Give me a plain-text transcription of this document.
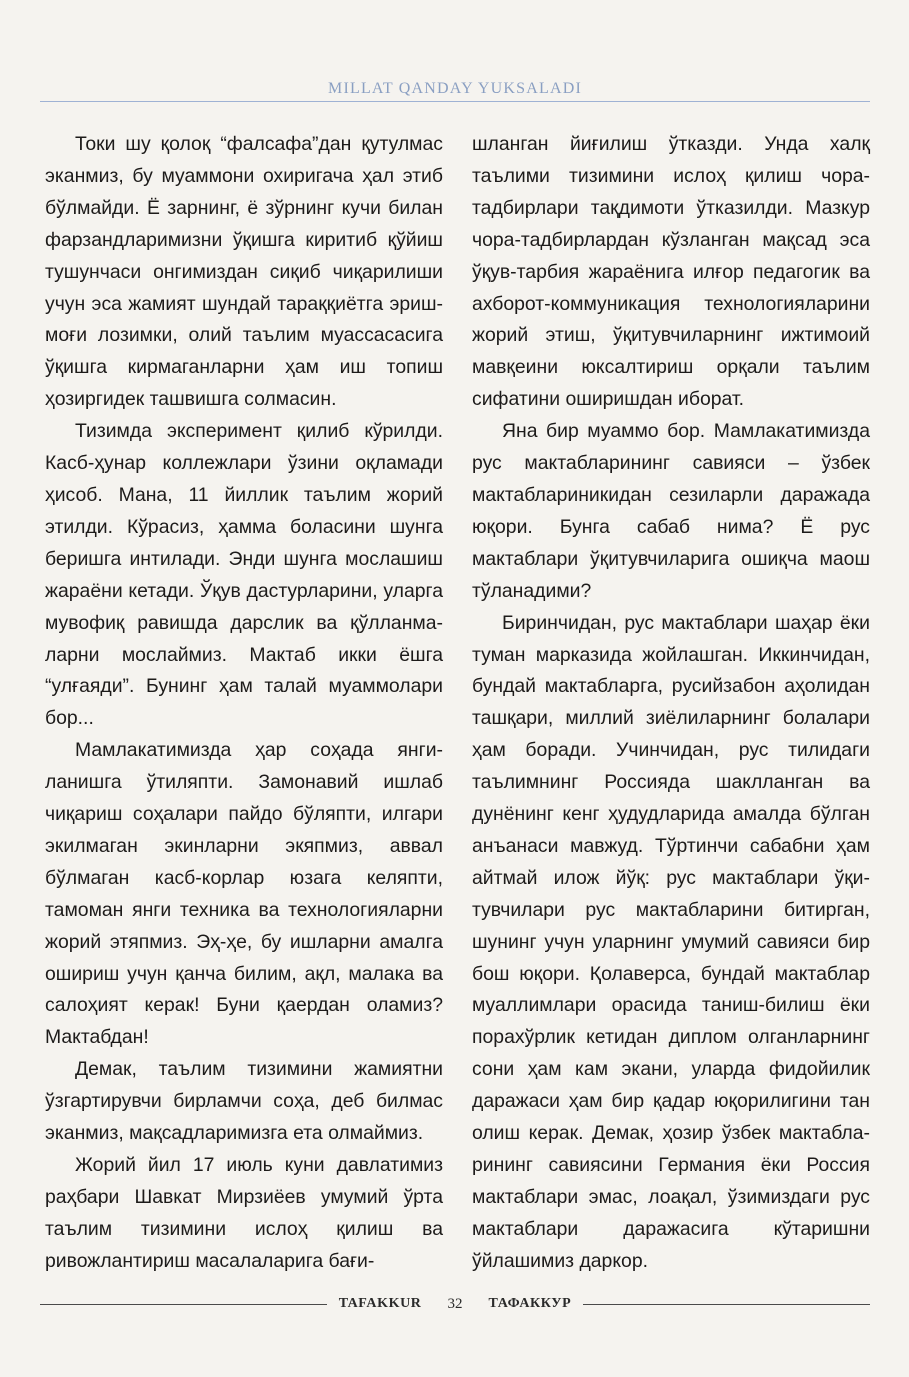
MILLAT QANDAY YUKSALADI

Токи шу қолоқ “фалсафа”дан қутулмас эканмиз, бу муаммони охиригача ҳал этиб бўлмайди. Ё зарнинг, ё зўрнинг кучи билан фарзандларимизни ўқишга киритиб қўйиш тушунчаси онгимиздан сиқиб чиқарилиши учун эса жамият шундай тараққиётга эришмоғи лозимки, олий таълим муассасасига ўқишга кирмаганларни ҳам иш топиш ҳозиргидек ташвишга солмасин.

Тизимда эксперимент қилиб кўрилди. Касб-ҳунар коллежлари ўзини оқламади ҳисоб. Мана, 11 йиллик таълим жорий этилди. Кўрасиз, ҳамма боласини шунга беришга интилади. Энди шунга мослашиш жараёни кетади. Ўқув дастурларини, уларга мувофиқ равишда дарслик ва қўлланмаларни мослаймиз. Мактаб икки ёшга “улғаяди”. Бунинг ҳам талай муаммолари бор...

Мамлакатимизда ҳар соҳада янгиланишга ўтиляпти. Замонавий ишлаб чиқариш соҳалари пайдо бўляпти, илгари экилмаган экинларни экяпмиз, аввал бўлмаган касб-корлар юзага келяпти, тамоман янги техника ва технологияларни жорий этяпмиз. Эҳ-ҳе, бу ишларни амалга ошириш учун қанча билим, ақл, малака ва салоҳият керак! Буни қаердан оламиз? Мактабдан!

Демак, таълим тизимини жамиятни ўзгартирувчи бирламчи соҳа, деб билмас эканмиз, мақсадларимизга ета олмаймиз.

Жорий йил 17 июль куни давлатимиз раҳбари Шавкат Мирзиёев умумий ўрта таълим тизимини ислоҳ қилиш ва ривожлантириш масалаларига бағи-

шланган йиғилиш ўтказди. Унда халқ таълими тизимини ислоҳ қилиш чора-тадбирлари тақдимоти ўтказилди. Мазкур чора-тадбирлардан кўзланган мақсад эса ўқув-тарбия жараёнига илғор педагогик ва ахборот-коммуникация технологияларини жорий этиш, ўқитувчиларнинг ижтимоий мавқеини юксалтириш орқали таълим сифатини оширишдан иборат.

Яна бир муаммо бор. Мамлакатимизда рус мактабларининг савияси – ўзбек мактаблариникидан сезиларли даражада юқори. Бунга сабаб нима? Ё рус мактаблари ўқитувчиларига ошиқча маош тўланадими?

Биринчидан, рус мактаблари шаҳар ёки туман марказида жойлашган. Иккинчидан, бундай мактабларга, русийзабон аҳолидан ташқари, миллий зиёлиларнинг болалари ҳам боради. Учинчидан, рус тилидаги таълимнинг Россияда шаклланган ва дунёнинг кенг ҳудудларида амалда бўлган анъанаси мавжуд. Тўртинчи сабабни ҳам айтмай илож йўқ: рус мактаблари ўқитувчилари рус мактабларини битирган, шунинг учун уларнинг умумий савияси бир бош юқори. Қолаверса, бундай мактаблар муаллимлари орасида таниш-билиш ёки порахўрлик кетидан диплом олганларнинг сони ҳам кам экани, уларда фидойилик даражаси ҳам бир қадар юқорилигини тан олиш керак. Демак, ҳозир ўзбек мактабларининг савиясини Германия ёки Россия мактаблари эмас, лоақал, ўзимиздаги рус мактаблари даражасига кўтаришни ўйлашимиз даркор.

TAFAKKUR 32 ТАФАККУР
